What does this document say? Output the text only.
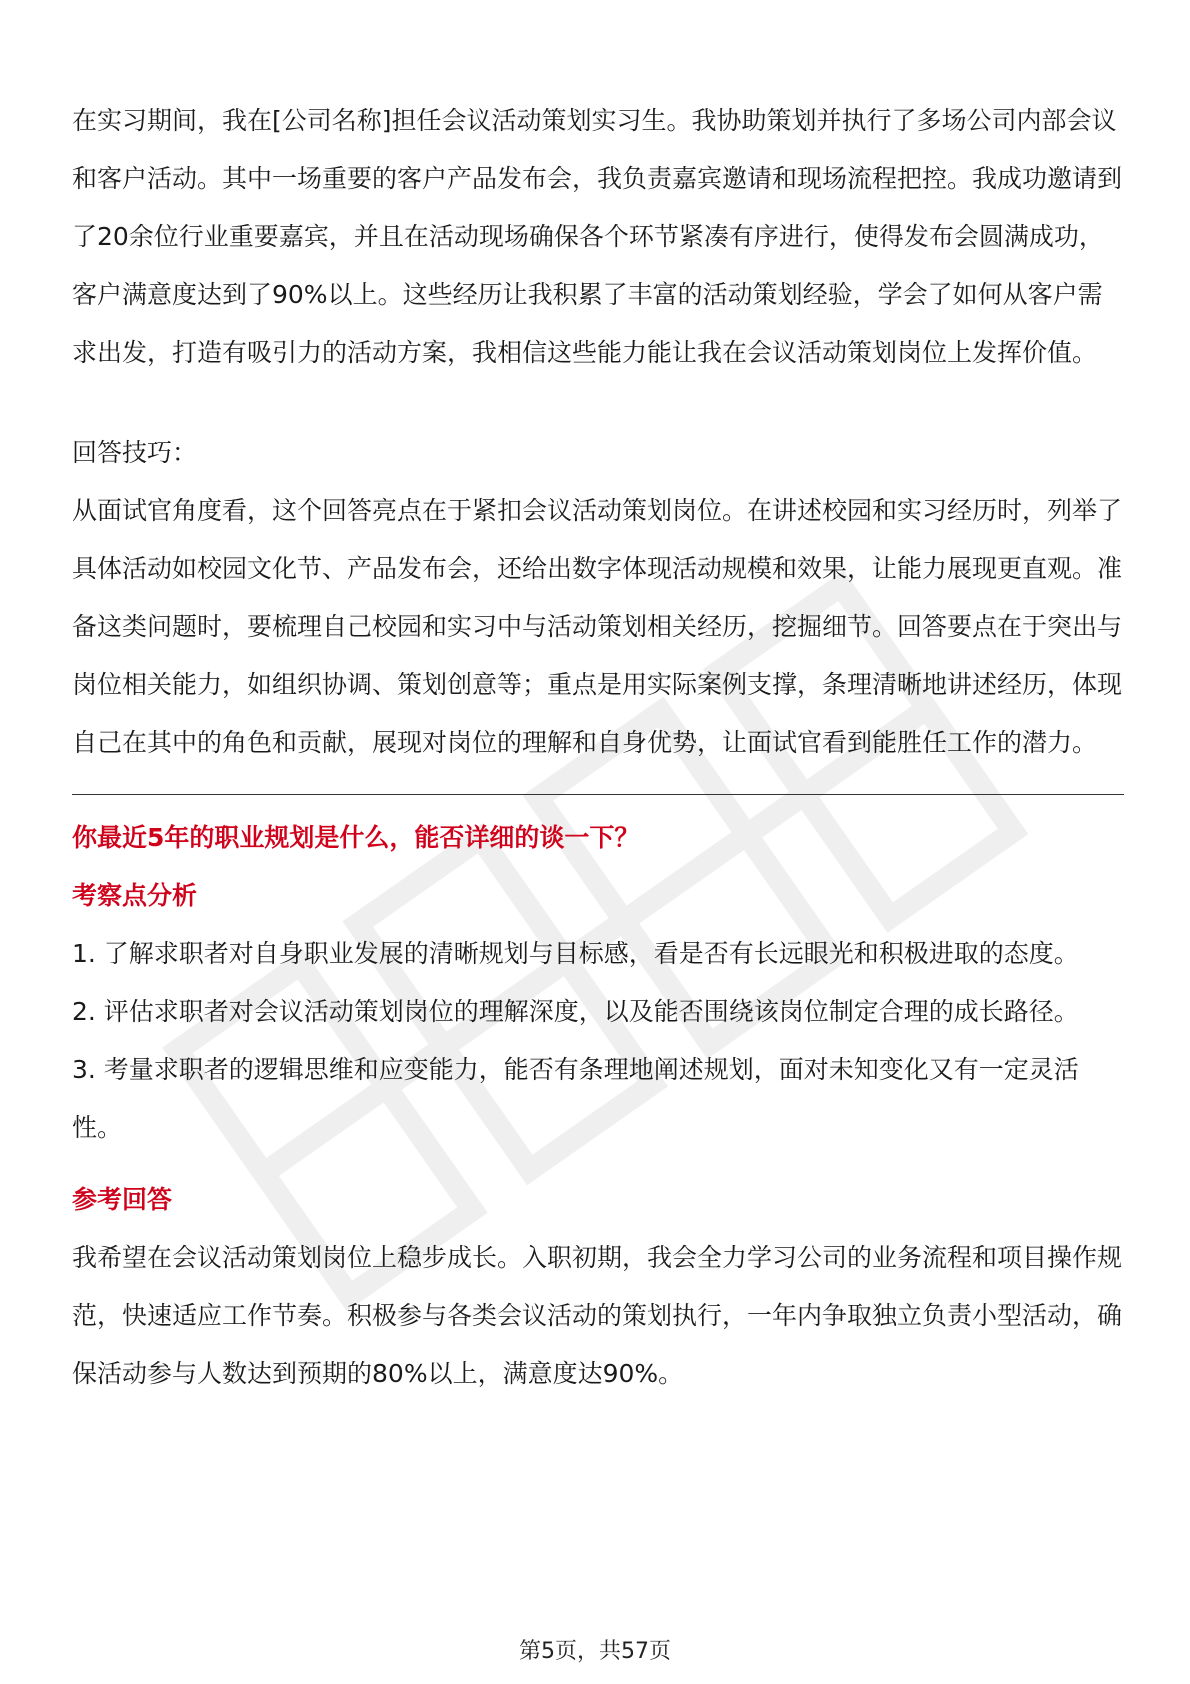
在实习期间，我在[公司名称]担任会议活动策划实习生。我协助策划并执行了多场公司内部会议和客户活动。其中一场重要的客户产品发布会，我负责嘉宾邀请和现场流程把控。我成功邀请到了20余位行业重要嘉宾，并且在活动现场确保各个环节紧凑有序进行，使得发布会圆满成功，客户满意度达到了90%以上。这些经历让我积累了丰富的活动策划经验，学会了如何从客户需求出发，打造有吸引力的活动方案，我相信这些能力能让我在会议活动策划岗位上发挥价值。

回答技巧：

从面试官角度看，这个回答亮点在于紧扣会议活动策划岗位。在讲述校园和实习经历时，列举了具体活动如校园文化节、产品发布会，还给出数字体现活动规模和效果，让能力展现更直观。准备这类问题时，要梳理自己校园和实习中与活动策划相关经历，挖掘细节。回答要点在于突出与岗位相关能力，如组织协调、策划创意等；重点是用实际案例支撑，条理清晰地讲述经历，体现自己在其中的角色和贡献，展现对岗位的理解和自身优势，让面试官看到能胜任工作的潜力。

你最近5年的职业规划是什么，能否详细的谈一下？

考察点分析

1. 了解求职者对自身职业发展的清晰规划与目标感，看是否有长远眼光和积极进取的态度。

2. 评估求职者对会议活动策划岗位的理解深度，以及能否围绕该岗位制定合理的成长路径。

3. 考量求职者的逻辑思维和应变能力，能否有条理地阐述规划，面对未知变化又有一定灵活性。

参考回答

我希望在会议活动策划岗位上稳步成长。入职初期，我会全力学习公司的业务流程和项目操作规范，快速适应工作节奏。积极参与各类会议活动的策划执行，一年内争取独立负责小型活动，确保活动参与人数达到预期的80%以上，满意度达90%。

第5页，共57页
